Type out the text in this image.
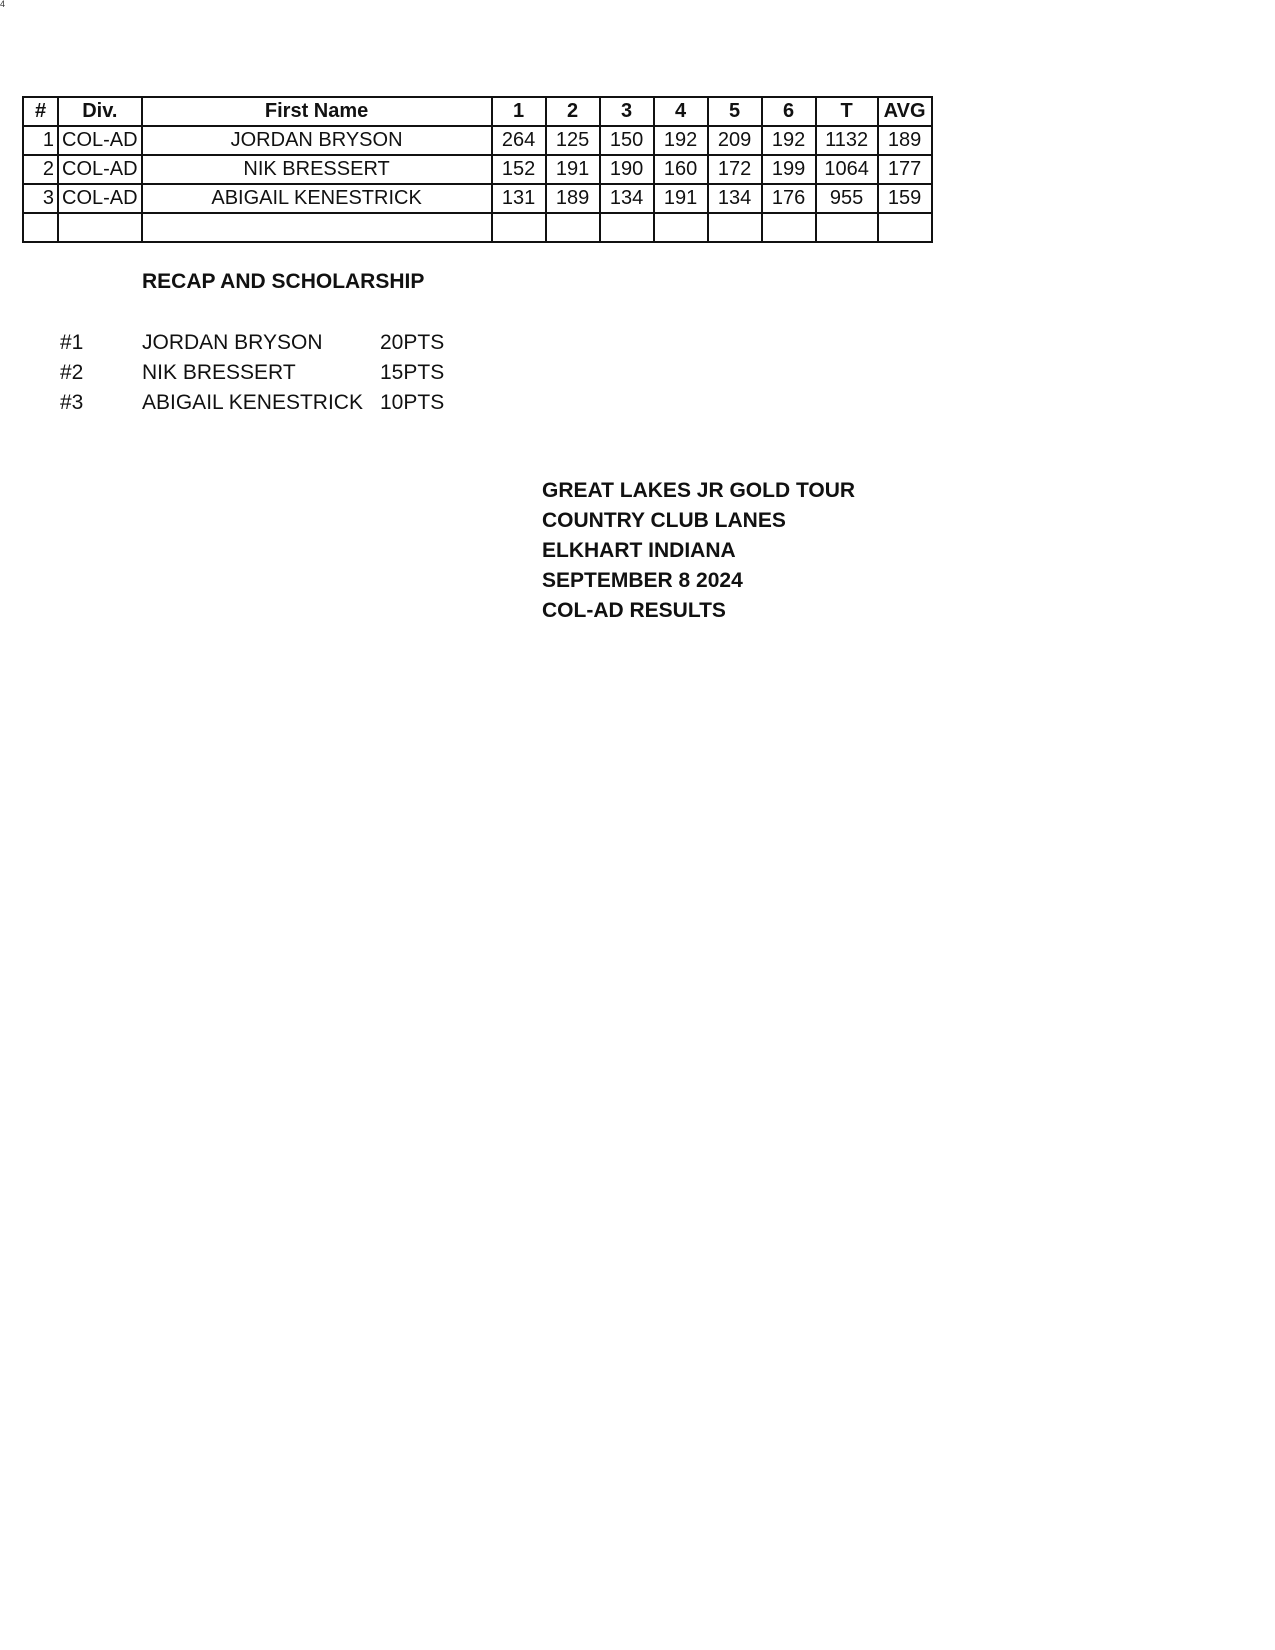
4
#	Div.	First Name	1	2	3	4	5	6	T	AVG
1	COL-AD	JORDAN BRYSON	264	125	150	192	209	192	1132	189
2	COL-AD	NIK BRESSERT	152	191	190	160	172	199	1064	177
3	COL-AD	ABIGAIL KENESTRICK	131	189	134	191	134	176	955	159

RECAP AND SCHOLARSHIP
#1	JORDAN BRYSON	20PTS
#2	NIK BRESSERT	15PTS
#3	ABIGAIL KENESTRICK 10PTS
GREAT LAKES JR GOLD TOUR
COUNTRY CLUB LANES
ELKHART INDIANA
SEPTEMBER 8 2024
COL-AD RESULTS
